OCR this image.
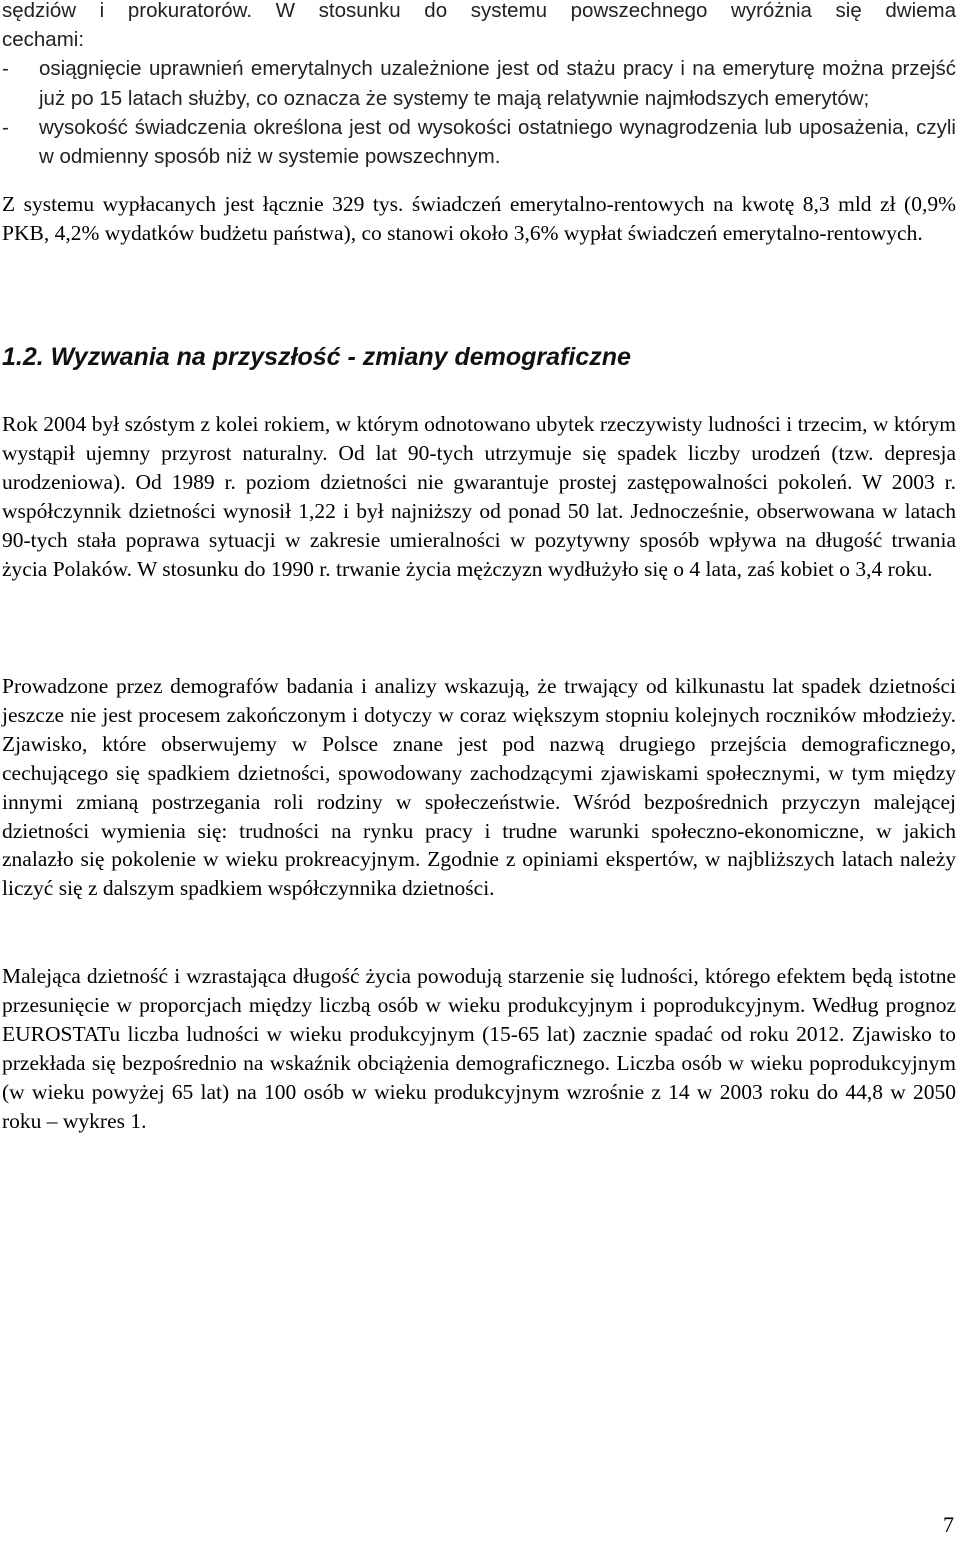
sędziów i prokuratorów. W stosunku do systemu powszechnego wyróżnia się dwiema

cechami:

- osiągnięcie uprawnień emerytalnych uzależnione jest od stażu pracy i na emeryturę można przejść już po 15 latach służby, co oznacza że systemy te mają relatywnie najmłodszych emerytów;

- wysokość świadczenia określona jest od wysokości ostatniego wynagrodzenia lub uposażenia, czyli w odmienny sposób niż w systemie powszechnym.

Z systemu wypłacanych jest łącznie 329 tys. świadczeń emerytalno-rentowych na kwotę 8,3 mld zł (0,9% PKB, 4,2% wydatków budżetu państwa), co stanowi około 3,6% wypłat świadczeń emerytalno-rentowych.

1.2. Wyzwania na przyszłość - zmiany demograficzne

Rok 2004 był szóstym z kolei rokiem, w którym odnotowano ubytek rzeczywisty ludności i trzecim, w którym wystąpił ujemny przyrost naturalny. Od lat 90-tych utrzymuje się spadek liczby urodzeń (tzw. depresja urodzeniowa). Od 1989 r. poziom dzietności nie gwarantuje prostej zastępowalności pokoleń. W 2003 r. współczynnik dzietności wynosił 1,22 i był najniższy od ponad 50 lat. Jednocześnie, obserwowana w latach 90-tych stała poprawa sytuacji w zakresie umieralności w pozytywny sposób wpływa na długość trwania życia Polaków. W stosunku do 1990 r. trwanie życia mężczyzn wydłużyło się o 4 lata, zaś kobiet o 3,4 roku.

Prowadzone przez demografów badania i analizy wskazują, że trwający od kilkunastu lat spadek dzietności jeszcze nie jest procesem zakończonym i dotyczy w coraz większym stopniu kolejnych roczników młodzieży. Zjawisko, które obserwujemy w Polsce znane jest pod nazwą drugiego przejścia demograficznego, cechującego się spadkiem dzietności, spowodowany zachodzącymi zjawiskami społecznymi, w tym między innymi zmianą postrzegania roli rodziny w społeczeństwie. Wśród bezpośrednich przyczyn malejącej dzietności wymienia się: trudności na rynku pracy i trudne warunki społeczno-ekonomiczne, w jakich znalazło się pokolenie w wieku prokreacyjnym. Zgodnie z opiniami ekspertów, w najbliższych latach należy liczyć się z dalszym spadkiem współczynnika dzietności.

Malejąca dzietność i wzrastająca długość życia powodują starzenie się ludności, którego efektem będą istotne przesunięcie w proporcjach między liczbą osób w wieku produkcyjnym i poprodukcyjnym. Według prognoz EUROSTATu liczba ludności w wieku produkcyjnym (15-65 lat) zacznie spadać od roku 2012. Zjawisko to przekłada się bezpośrednio na wskaźnik obciążenia demograficznego. Liczba osób w wieku poprodukcyjnym (w wieku powyżej 65 lat) na 100 osób w wieku produkcyjnym wzrośnie z 14 w 2003 roku do 44,8 w 2050 roku – wykres 1.

7
